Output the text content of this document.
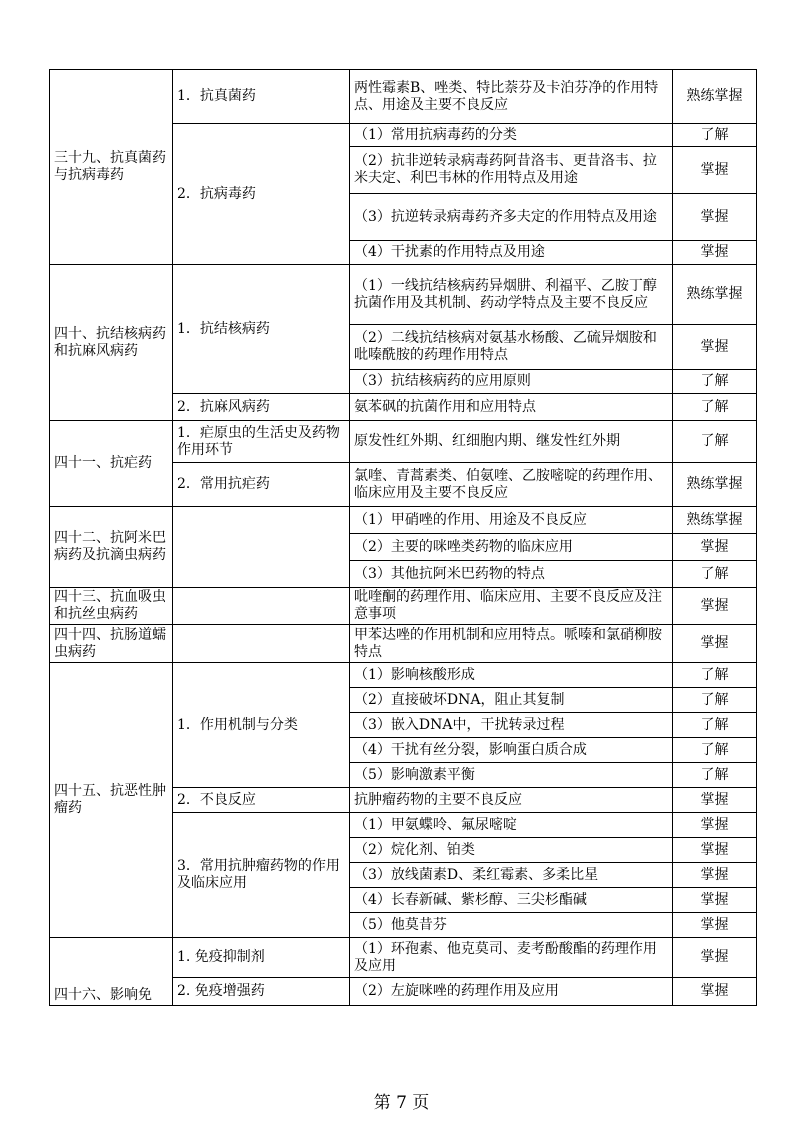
三十九、抗真菌药与抗病毒药	1．抗真菌药	两性霉素B、唑类、特比萘芬及卡泊芬净的作用特点、用途及主要不良反应	熟练掌握
	2．抗病毒药	（1）常用抗病毒药的分类	了解
		（2）抗非逆转录病毒药阿昔洛韦、更昔洛韦、拉米夫定、利巴韦林的作用特点及用途	掌握
		（3）抗逆转录病毒药齐多夫定的作用特点及用途	掌握
		（4）干扰素的作用特点及用途	掌握
四十、抗结核病药和抗麻风病药	1．抗结核病药	（1）一线抗结核病药异烟肼、利福平、乙胺丁醇抗菌作用及其机制、药动学特点及主要不良反应	熟练掌握
		（2）二线抗结核病对氨基水杨酸、乙硫异烟胺和吡嗪酰胺的药理作用特点	掌握
		（3）抗结核病药的应用原则	了解
	2．抗麻风病药	氨苯砜的抗菌作用和应用特点	了解
四十一、抗疟药	1．疟原虫的生活史及药物作用环节	原发性红外期、红细胞内期、继发性红外期	了解
	2．常用抗疟药	氯喹、青蒿素类、伯氨喹、乙胺嘧啶的药理作用、临床应用及主要不良反应	熟练掌握
四十二、抗阿米巴病药及抗滴虫病药		（1）甲硝唑的作用、用途及不良反应	熟练掌握
		（2）主要的咪唑类药物的临床应用	掌握
		（3）其他抗阿米巴药物的特点	了解
四十三、抗血吸虫和抗丝虫病药		吡喹酮的药理作用、临床应用、主要不良反应及注意事项	掌握
四十四、抗肠道蠕虫病药		甲苯达唑的作用机制和应用特点。哌嗪和氯硝柳胺特点	掌握
四十五、抗恶性肿瘤药	1．作用机制与分类	（1）影响核酸形成	了解
		（2）直接破坏DNA，阻止其复制	了解
		（3）嵌入DNA中，干扰转录过程	了解
		（4）干扰有丝分裂，影响蛋白质合成	了解
		（5）影响激素平衡	了解
	2．不良反应	抗肿瘤药物的主要不良反应	掌握
	3．常用抗肿瘤药物的作用及临床应用	（1）甲氨蝶呤、氟尿嘧啶	掌握
		（2）烷化剂、铂类	掌握
		（3）放线菌素D、柔红霉素、多柔比星	掌握
		（4）长春新碱、紫杉醇、三尖杉酯碱	掌握
		（5）他莫昔芬	掌握
四十六、影响免	1. 免疫抑制剂	（1）环孢素、他克莫司、麦考酚酸酯的药理作用及应用	掌握
	2. 免疫增强药	（2）左旋咪唑的药理作用及应用	掌握
第 7 页
